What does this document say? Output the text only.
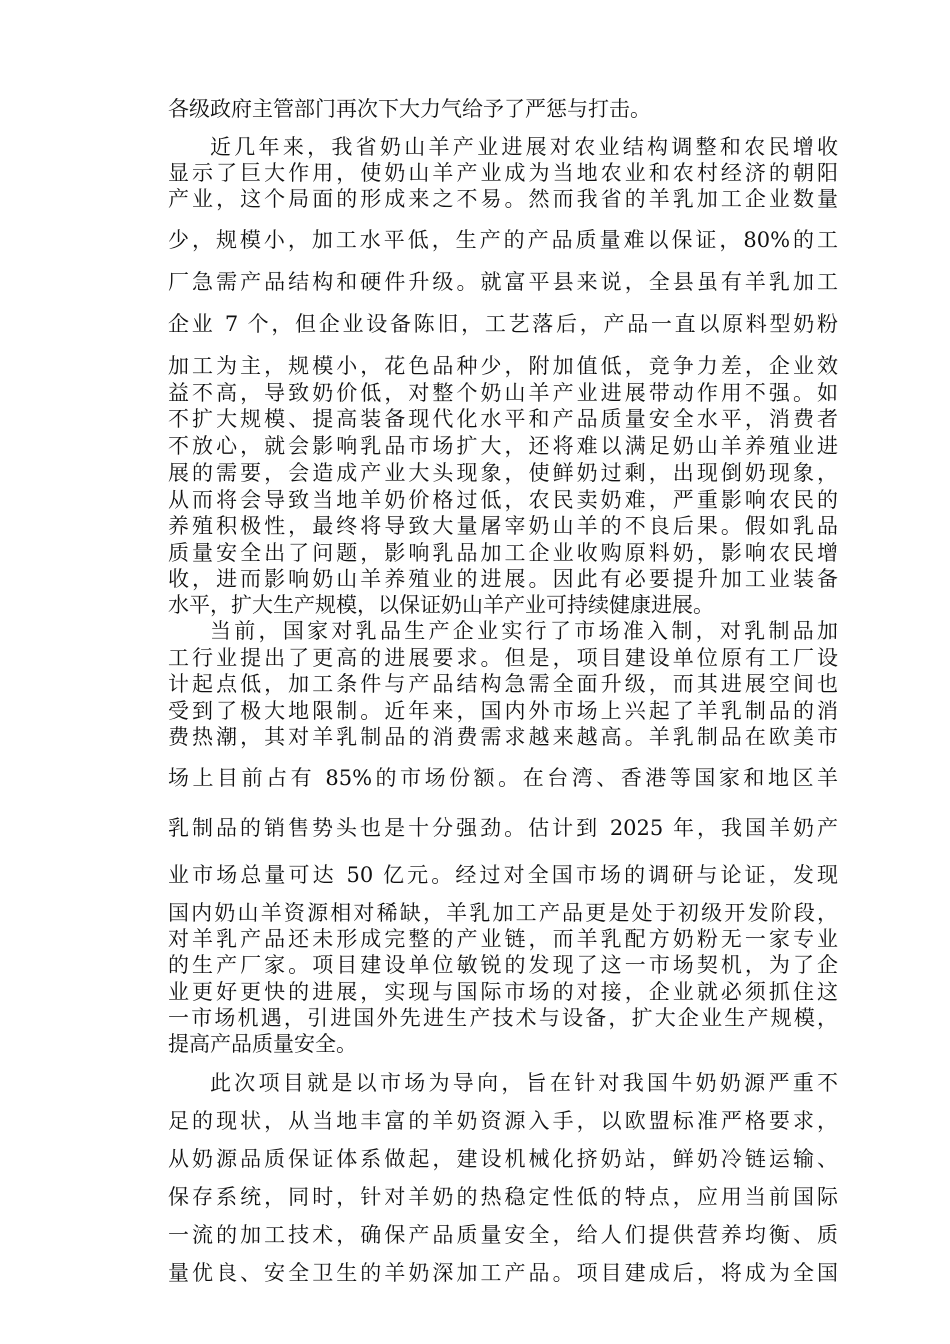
各级政府主管部门再次下大力气给予了严惩与打击。
近几年来，我省奶山羊产业进展对农业结构调整和农民增收
显示了巨大作用，使奶山羊产业成为当地农业和农村经济的朝阳
产业，这个局面的形成来之不易。然而我省的羊乳加工企业数量
少，规模小，加工水平低，生产的产品质量难以保证，80%的工
厂急需产品结构和硬件升级。就富平县来说，全县虽有羊乳加工
企业 7 个，但企业设备陈旧，工艺落后，产品一直以原料型奶粉
加工为主，规模小，花色品种少，附加值低，竞争力差，企业效
益不高，导致奶价低，对整个奶山羊产业进展带动作用不强。如
不扩大规模、提高装备现代化水平和产品质量安全水平，消费者
不放心，就会影响乳品市场扩大，还将难以满足奶山羊养殖业进
展的需要，会造成产业大头现象，使鲜奶过剩，出现倒奶现象，
从而将会导致当地羊奶价格过低，农民卖奶难，严重影响农民的
养殖积极性，最终将导致大量屠宰奶山羊的不良后果。假如乳品
质量安全出了问题，影响乳品加工企业收购原料奶，影响农民增
收，进而影响奶山羊养殖业的进展。因此有必要提升加工业装备
水平，扩大生产规模，以保证奶山羊产业可持续健康进展。
当前，国家对乳品生产企业实行了市场准入制，对乳制品加
工行业提出了更高的进展要求。但是，项目建设单位原有工厂设
计起点低，加工条件与产品结构急需全面升级，而其进展空间也
受到了极大地限制。近年来，国内外市场上兴起了羊乳制品的消
费热潮，其对羊乳制品的消费需求越来越高。羊乳制品在欧美市
场上目前占有 85%的市场份额。在台湾、香港等国家和地区羊
乳制品的销售势头也是十分强劲。估计到 2025 年，我国羊奶产
业市场总量可达 50 亿元。经过对全国市场的调研与论证，发现
国内奶山羊资源相对稀缺，羊乳加工产品更是处于初级开发阶段，
对羊乳产品还未形成完整的产业链，而羊乳配方奶粉无一家专业
的生产厂家。项目建设单位敏锐的发现了这一市场契机，为了企
业更好更快的进展，实现与国际市场的对接，企业就必须抓住这
一市场机遇，引进国外先进生产技术与设备，扩大企业生产规模，
提高产品质量安全。
此次项目就是以市场为导向，旨在针对我国牛奶奶源严重不
足的现状，从当地丰富的羊奶资源入手，以欧盟标准严格要求，
从奶源品质保证体系做起，建设机械化挤奶站，鲜奶冷链运输、
保存系统，同时，针对羊奶的热稳定性低的特点，应用当前国际
一流的加工技术，确保产品质量安全，给人们提供营养均衡、质
量优良、安全卫生的羊奶深加工产品。项目建成后，将成为全国
